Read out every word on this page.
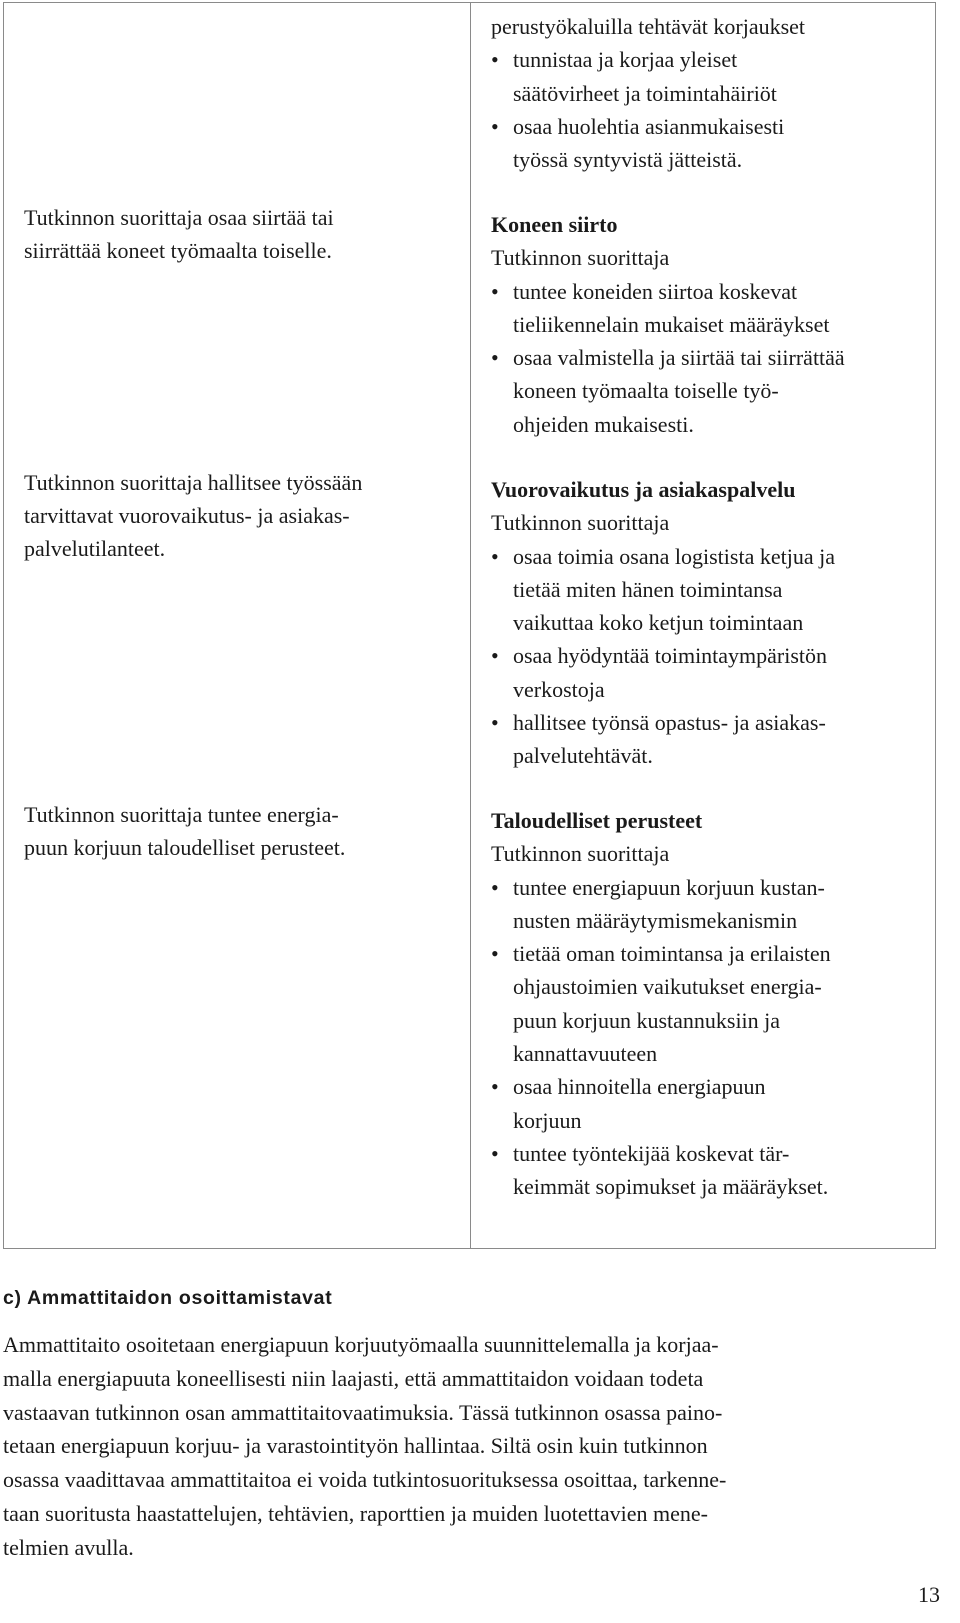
Tutkinnon suorittaja osaa siirtää tai
siirrättää koneet työmaalta toiselle.
Tutkinnon suorittaja hallitsee työssään
tarvittavat vuorovaikutus- ja asiakas-
palvelutilanteet.
Tutkinnon suorittaja tuntee energia-
puun korjuun taloudelliset perusteet.
perustyökaluilla tehtävät korjaukset
• tunnistaa ja korjaa yleiset
säätövirheet ja toimintahäiriöt
• osaa huolehtia asianmukaisesti
työssä syntyvistä jätteistä.
Koneen siirto
Tutkinnon suorittaja
• tuntee koneiden siirtoa koskevat
tieliikennelain mukaiset määräykset
• osaa valmistella ja siirtää tai siirrättää
koneen työmaalta toiselle työ-
ohjeiden mukaisesti.
Vuorovaikutus ja asiakaspalvelu
Tutkinnon suorittaja
• osaa toimia osana logistista ketjua ja
tietää miten hänen toimintansa
vaikuttaa koko ketjun toimintaan
• osaa hyödyntää toimintaympäristön
verkostoja
• hallitsee työnsä opastus- ja asiakas-
palvelutehtävät.
Taloudelliset perusteet
Tutkinnon suorittaja
• tuntee energiapuun korjuun kustan-
nusten määräytymismekanismin
• tietää oman toimintansa ja erilaisten
ohjaustoimien vaikutukset energia-
puun korjuun kustannuksiin ja
kannattavuuteen
• osaa hinnoitella energiapuun
korjuun
• tuntee työntekijää koskevat tär-
keimmät sopimukset ja määräykset.
c) Ammattitaidon osoittamistavat
Ammattitaito osoitetaan energiapuun korjuutyömaalla suunnittelemalla ja korjaa-
malla energiapuuta koneellisesti niin laajasti, että ammattitaidon voidaan todeta
vastaavan tutkinnon osan ammattitaitovaatimuksia. Tässä tutkinnon osassa paino-
tetaan energiapuun korjuu- ja varastointityön hallintaa. Siltä osin kuin tutkinnon
osassa vaadittavaa ammattitaitoa ei voida tutkintosuorituksessa osoittaa, tarkenne-
taan suoritusta haastattelujen, tehtävien, raporttien ja muiden luotettavien mene-
telmien avulla.
13
